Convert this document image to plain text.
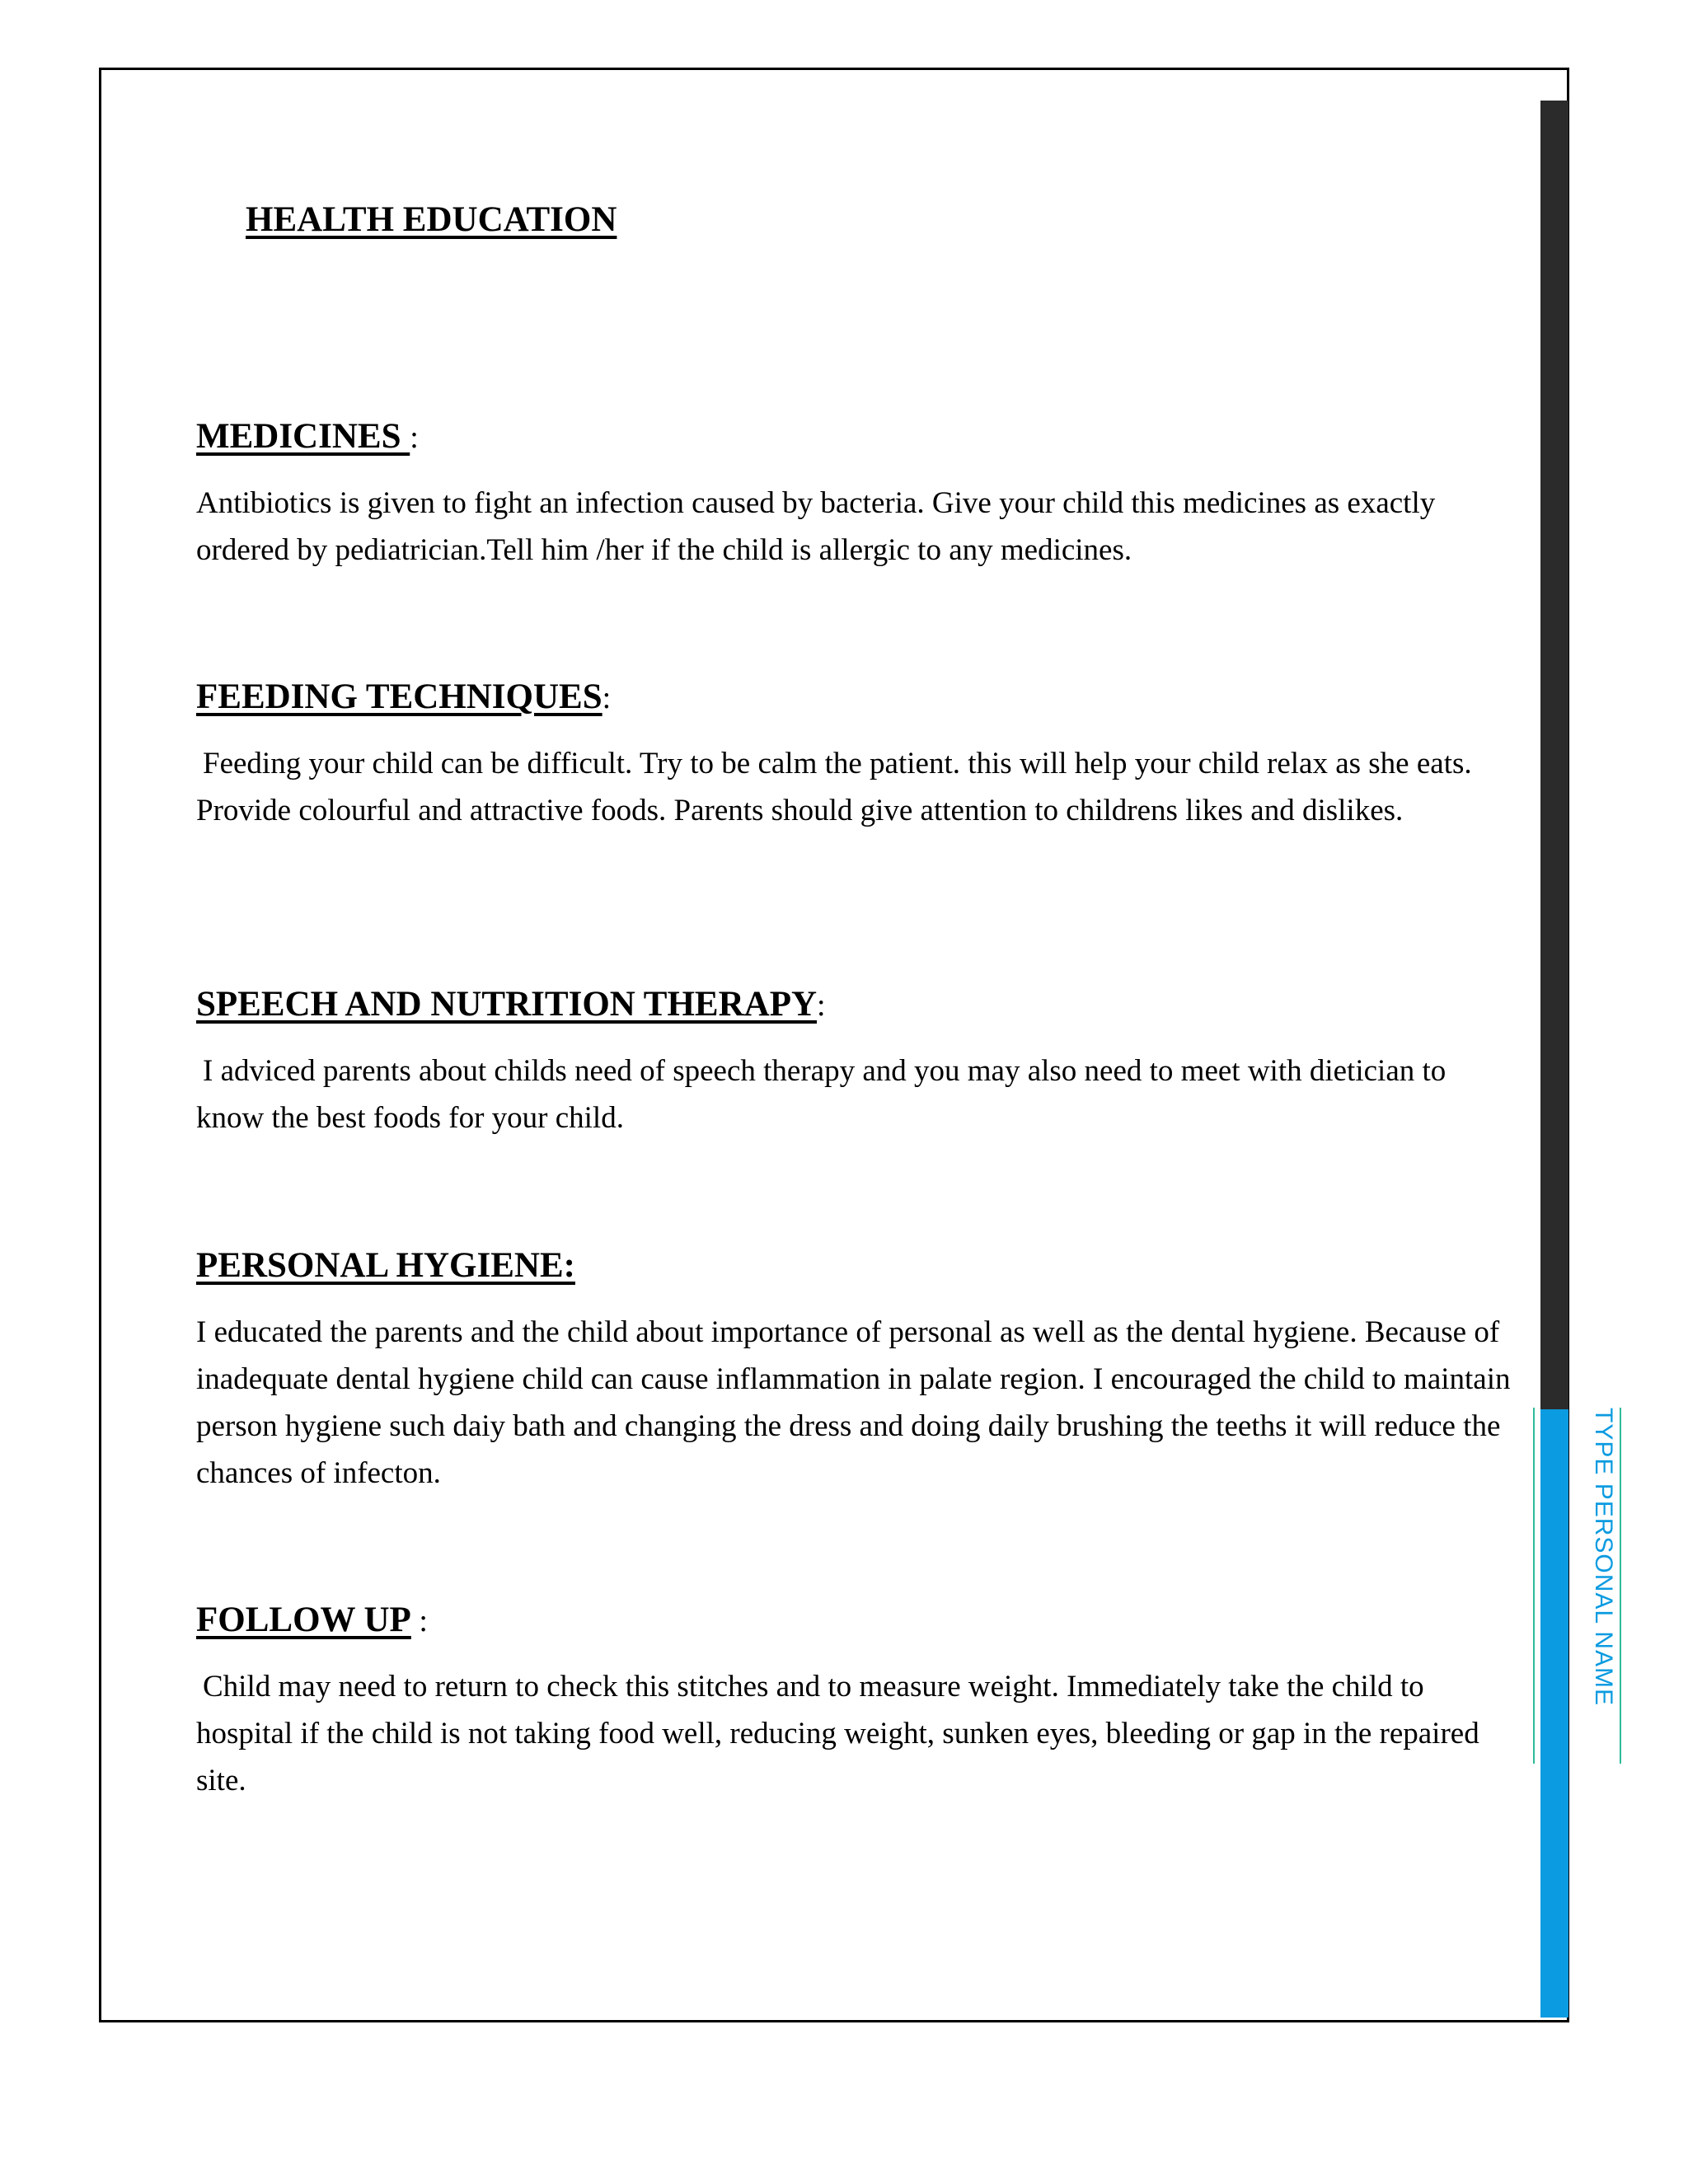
TYPE PERSONAL NAME
HEALTH EDUCATION
MEDICINES :

Antibiotics is given to fight an infection caused by bacteria. Give your child this medicines as exactly ordered by pediatrician.Tell him /her if the child is allergic to any medicines.

FEEDING TECHNIQUES:

Feeding your child can be difficult. Try to be calm the patient. this will help your child relax as she eats. Provide colourful and attractive foods. Parents should give attention to childrens likes and dislikes.

SPEECH AND NUTRITION THERAPY:

I adviced parents about childs need of speech therapy and you may also need to meet with dietician to know the best foods for your child.

PERSONAL HYGIENE:

I educated the parents and the child about importance of personal as well as the dental hygiene. Because of inadequate dental hygiene child can cause inflammation in palate region. I encouraged the child to maintain person hygiene such daiy bath and changing the dress and doing daily brushing the teeths it will reduce the chances of infecton.

FOLLOW UP :

Child may need to return to check this stitches and to measure weight. Immediately take the child to hospital if the child is not taking food well, reducing weight, sunken eyes, bleeding or gap in the repaired site.
